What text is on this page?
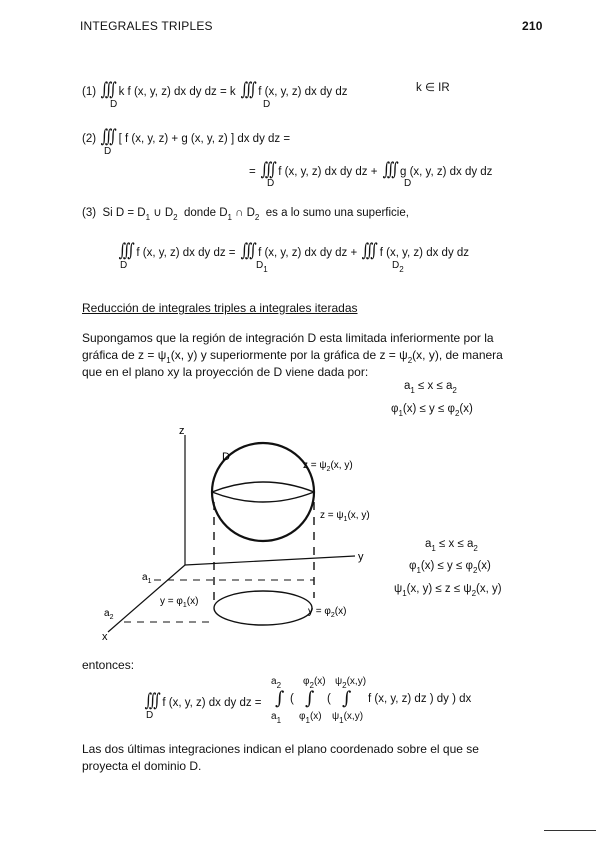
INTEGRALES TRIPLES	210
(1) ∫∫∫ k f (x, y, z) dx dy dz = k ∫∫∫ f (x, y, z) dx dy dz
D	D
k ∈ IR
(2) ∫∫∫ [ f (x, y, z) + g (x, y, z) ] dx dy dz =
D
= ∫∫∫ f (x, y, z) dx dy dz + ∫∫∫ g (x, y, z) dx dy dz
D	D
(3) Si $D = D_1$ ∪ $D_2$ donde $D_1$ ∩ $D_2$ es a lo sumo una superficie,
∫∫∫ f (x, y, z) dx dy dz = ∫∫∫ f (x, y, z) dx dy dz + ∫∫∫ f (x, y, z) dx dy dz
D	$D_1$	$D_2$
Reducción de integrales triples a integrales iteradas
Supongamos que la región de integración D esta limitada inferiormente por la
gráfica de $z = \psi_1(x$, y) y superiormente por la gráfica de $z = \psi_2(x$, y), de manera
que en el plano xy la proyección de D viene dada por:
$a_1 \le x \le a_2$
$\varphi_1(x) \le y \le \varphi_2(x)$
z
y
x
D
$z = \psi_2(x$, y)
$z = \psi_1(x$, y)
$a_1$
$a_2$
$y = \varphi_1(x)$
$y = \varphi_2(x)$
$a_1 \le x \le a_2$
$\varphi_1(x) \le y \le \varphi_2(x)$
$\psi_1(x$, $y) \le z \le \psi_2(x$, y)
entonces:
∫∫∫ f (x, y, z) dx dy dz =
D
∫
$a_2$
$a_1$
( ∫
$\varphi_2(x)$
$\varphi_1(x)$
( ∫
$\psi_2(x,y)$
$\psi_1(x,y)$
f (x, y, z) dz ) dy ) dx
Las dos últimas integraciones indican el plano coordenado sobre el que se
proyecta el dominio D.
